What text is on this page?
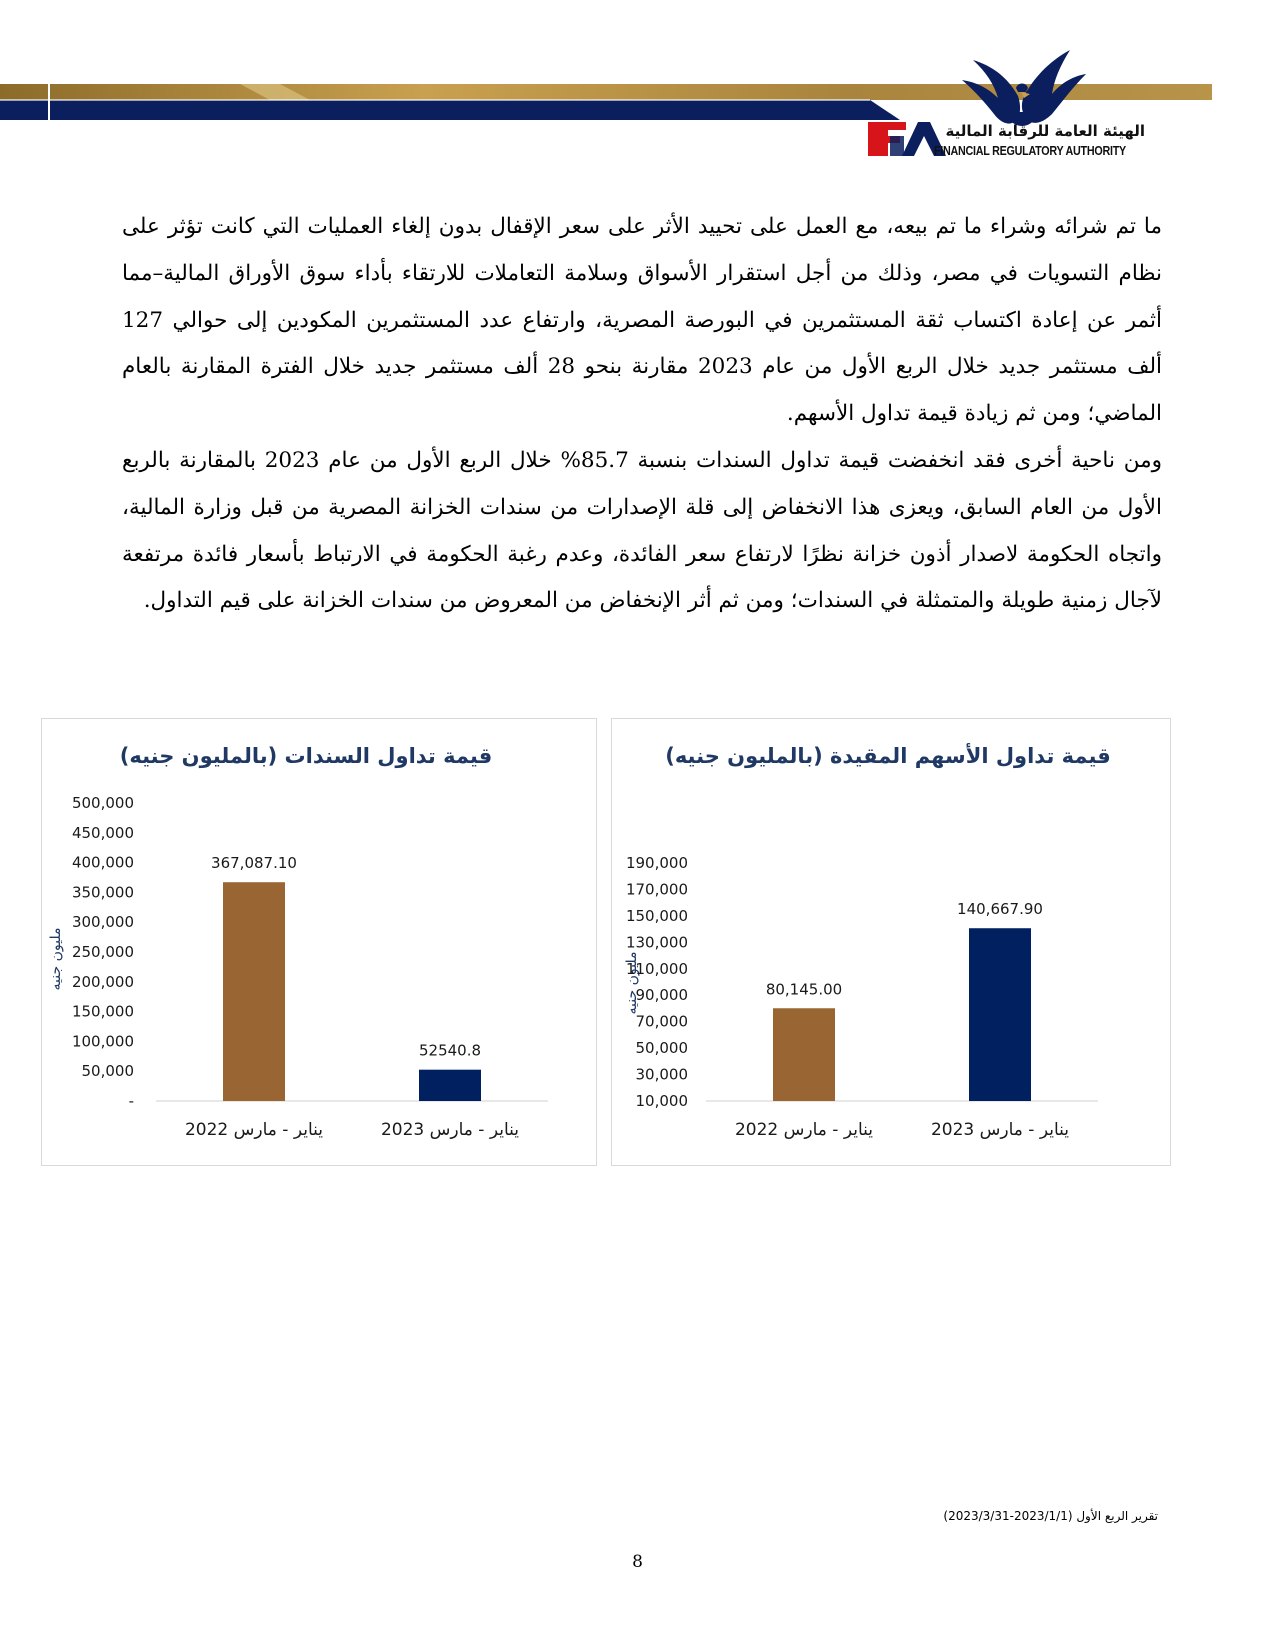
الهيئة العامة للرقابة المالية
FINANCIAL REGULATORY AUTHORITY

ما تم شرائه وشراء ما تم بيعه، مع العمل على تحييد الأثر على سعر الإقفال بدون إلغاء العمليات التي كانت تؤثر على نظام التسويات في مصر، وذلك من أجل استقرار الأسواق وسلامة التعاملات للارتقاء بأداء سوق الأوراق المالية–مما أثمر عن إعادة اكتساب ثقة المستثمرين في البورصة المصرية، وارتفاع عدد المستثمرين المكودين إلى حوالي 127 ألف مستثمر جديد خلال الربع الأول من عام 2023 مقارنة بنحو 28 ألف مستثمر جديد خلال الفترة المقارنة بالعام الماضي؛ ومن ثم زيادة قيمة تداول الأسهم.

ومن ناحية أخرى فقد انخفضت قيمة تداول السندات بنسبة 85.7% خلال الربع الأول من عام 2023 بالمقارنة بالربع الأول من العام السابق، ويعزى هذا الانخفاض إلى قلة الإصدارات من سندات الخزانة المصرية من قبل وزارة المالية، واتجاه الحكومة لاصدار أذون خزانة نظرًا لارتفاع سعر الفائدة، وعدم رغبة الحكومة في الارتباط بأسعار فائدة مرتفعة لآجال زمنية طويلة والمتمثلة في السندات؛ ومن ثم أثر الإنخفاض من المعروض من سندات الخزانة على قيم التداول.

قيمة تداول السندات (بالمليون جنيه)
مليون جنيه
-
50,000
100,000
150,000
200,000
250,000
300,000
350,000
400,000
450,000
500,000
367,087.10
يناير - مارس 2022
52540.8
يناير - مارس 2023
قيمة تداول الأسهم المقيدة (بالمليون جنيه)
مليون جنيه
10,000
30,000
50,000
70,000
90,000
110,000
130,000
150,000
170,000
190,000
80,145.00
يناير - مارس 2022
140,667.90
يناير - مارس 2023
تقرير الربع الأول (2023/1/1-2023/3/31)
8
